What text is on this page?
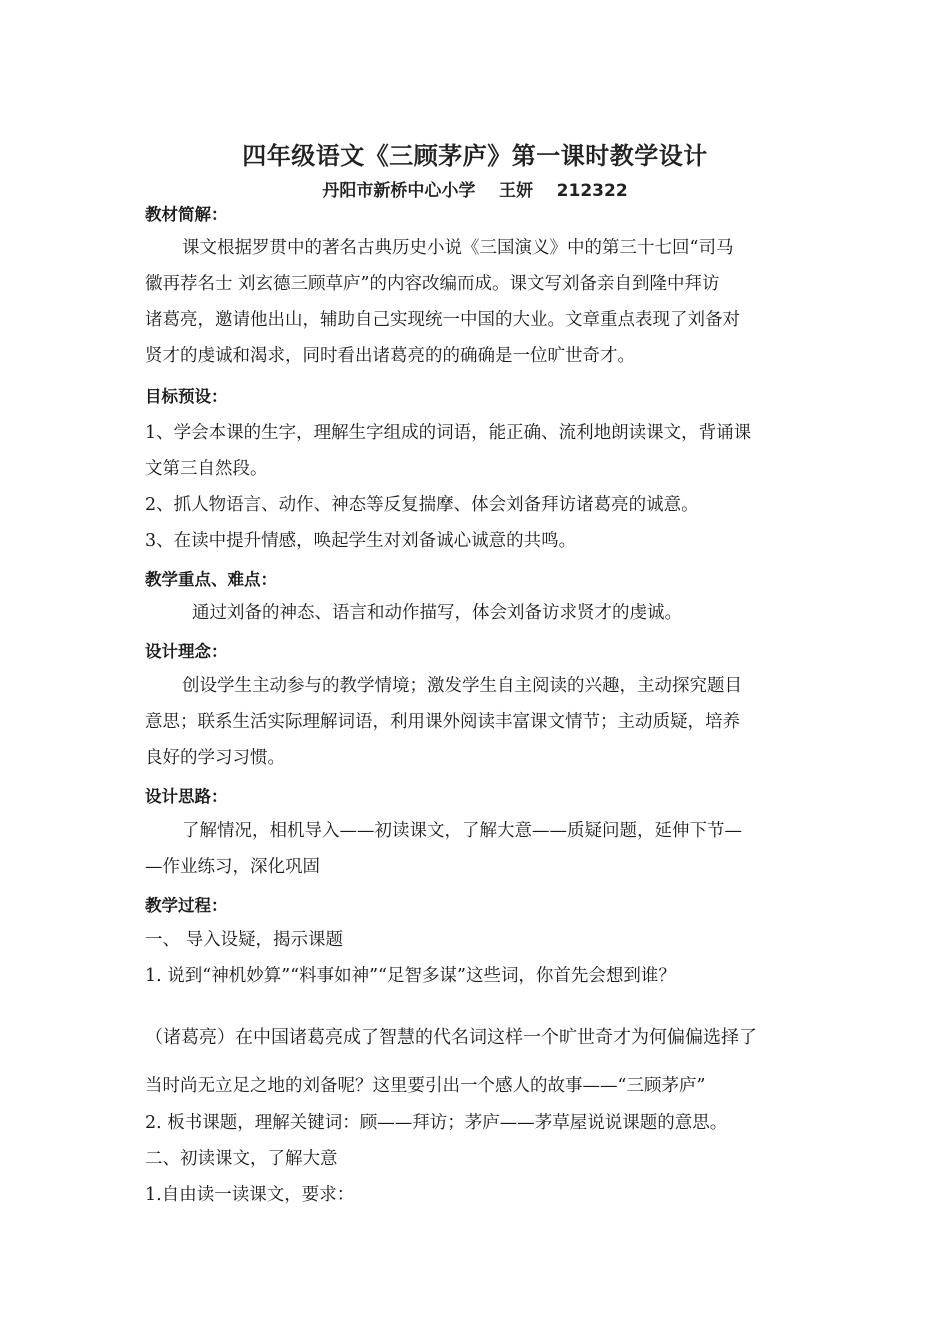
四年级语文《三顾茅庐》第一课时教学设计
丹阳市新桥中心小学    王妍    212322
教材简解：
课文根据罗贯中的著名古典历史小说《三国演义》中的第三十七回“司马
徽再荐名士 刘玄德三顾草庐”的内容改编而成。课文写刘备亲自到隆中拜访
诸葛亮，邀请他出山，辅助自己实现统一中国的大业。文章重点表现了刘备对
贤才的虔诚和渴求，同时看出诸葛亮的的确确是一位旷世奇才。
目标预设：
1、学会本课的生字，理解生字组成的词语，能正确、流利地朗读课文，背诵课
文第三自然段。
2、抓人物语言、动作、神态等反复揣摩、体会刘备拜访诸葛亮的诚意。
3、在读中提升情感，唤起学生对刘备诚心诚意的共鸣。
教学重点、难点：
通过刘备的神态、语言和动作描写，体会刘备访求贤才的虔诚。
设计理念：
创设学生主动参与的教学情境；激发学生自主阅读的兴趣，主动探究题目
意思；联系生活实际理解词语，利用课外阅读丰富课文情节；主动质疑，培养
良好的学习习惯。
设计思路：
了解情况，相机导入——初读课文，了解大意——质疑问题，延伸下节—
—作业练习，深化巩固
教学过程：
一、 导入设疑，揭示课题
1. 说到“神机妙算”“料事如神”“足智多谋”这些词，你首先会想到谁？
（诸葛亮）在中国诸葛亮成了智慧的代名词这样一个旷世奇才为何偏偏选择了
当时尚无立足之地的刘备呢？这里要引出一个感人的故事——“三顾茅庐”
2. 板书课题，理解关键词：顾——拜访；茅庐——茅草屋说说课题的意思。
二、初读课文，了解大意
1.自由读一读课文，要求：
